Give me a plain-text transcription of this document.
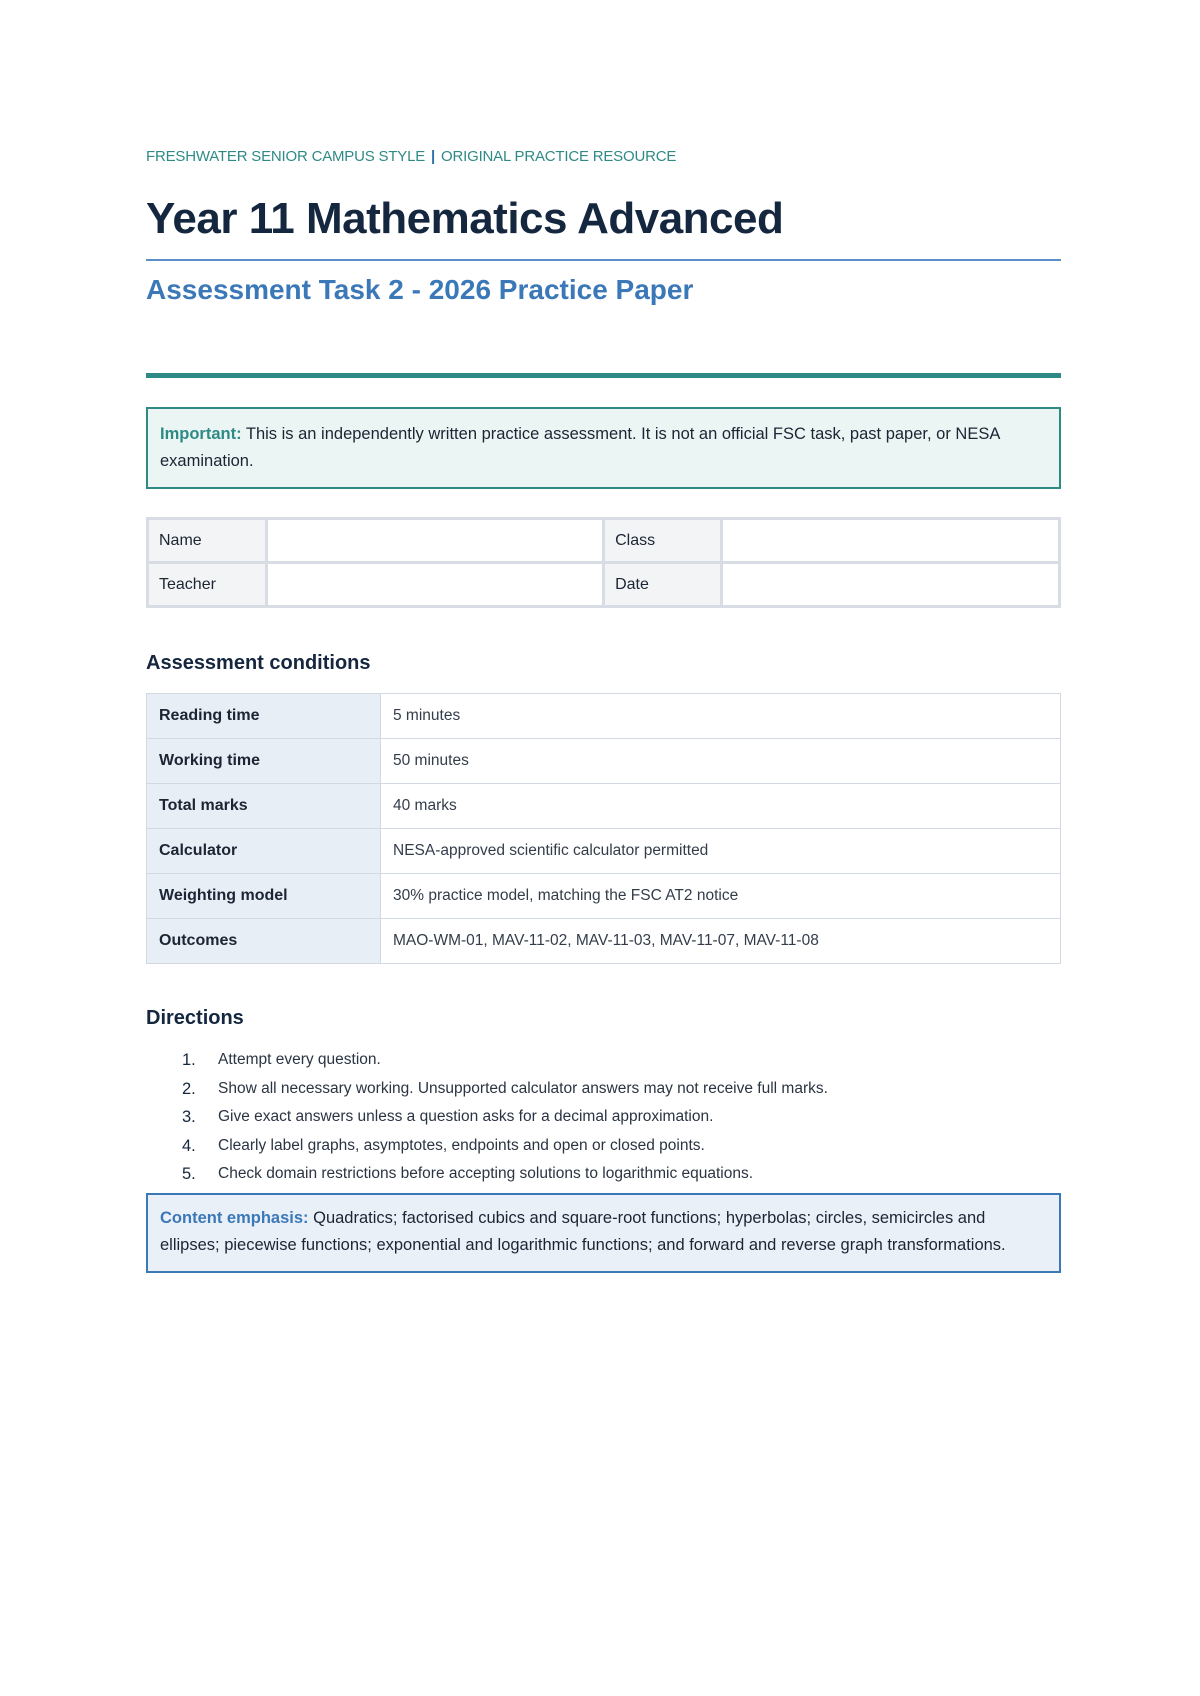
FRESHWATER SENIOR CAMPUS STYLE | ORIGINAL PRACTICE RESOURCE
Year 11 Mathematics Advanced
Assessment Task 2 - 2026 Practice Paper
Important: This is an independently written practice assessment. It is not an official FSC task, past paper, or NESA examination.
Name		Class	
Teacher		Date	
Assessment conditions
Reading time	5 minutes
Working time	50 minutes
Total marks	40 marks
Calculator	NESA-approved scientific calculator permitted
Weighting model	30% practice model, matching the FSC AT2 notice
Outcomes	MAO-WM-01, MAV-11-02, MAV-11-03, MAV-11-07, MAV-11-08
Directions
1. Attempt every question.
2. Show all necessary working. Unsupported calculator answers may not receive full marks.
3. Give exact answers unless a question asks for a decimal approximation.
4. Clearly label graphs, asymptotes, endpoints and open or closed points.
5. Check domain restrictions before accepting solutions to logarithmic equations.
Content emphasis: Quadratics; factorised cubics and square-root functions; hyperbolas; circles, semicircles and ellipses; piecewise functions; exponential and logarithmic functions; and forward and reverse graph transformations.
